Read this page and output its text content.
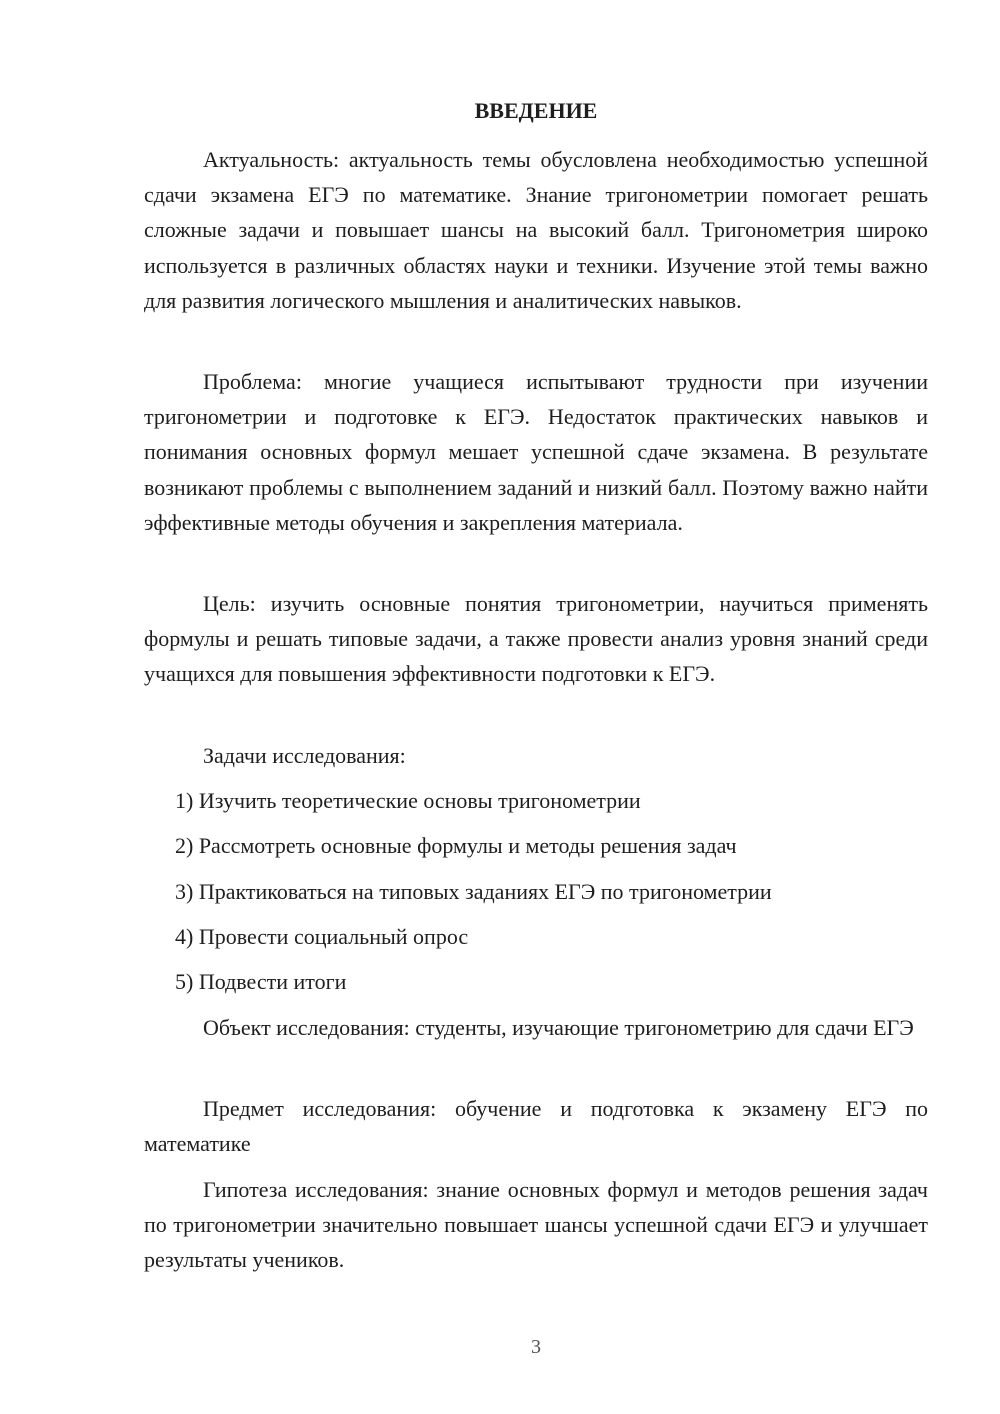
ВВЕДЕНИЕ

Актуальность: актуальность темы обусловлена необходимостью успешной сдачи экзамена ЕГЭ по математике. Знание тригонометрии помогает решать сложные задачи и повышает шансы на высокий балл. Тригонометрия широко используется в различных областях науки и техники. Изучение этой темы важно для развития логического мышления и аналитических навыков.

Проблема: многие учащиеся испытывают трудности при изучении тригонометрии и подготовке к ЕГЭ. Недостаток практических навыков и понимания основных формул мешает успешной сдаче экзамена. В результате возникают проблемы с выполнением заданий и низкий балл. Поэтому важно найти эффективные методы обучения и закрепления материала.

Цель: изучить основные понятия тригонометрии, научиться применять формулы и решать типовые задачи, а также провести анализ уровня знаний среди учащихся для повышения эффективности подготовки к ЕГЭ.

Задачи исследования:

1) Изучить теоретические основы тригонометрии

2) Рассмотреть основные формулы и методы решения задач

3) Практиковаться на типовых заданиях ЕГЭ по тригонометрии

4) Провести социальный опрос

5) Подвести итоги

Объект исследования: студенты, изучающие тригонометрию для сдачи ЕГЭ

Предмет исследования: обучение и подготовка к экзамену ЕГЭ по математике

Гипотеза исследования: знание основных формул и методов решения задач по тригонометрии значительно повышает шансы успешной сдачи ЕГЭ и улучшает результаты учеников.

3
